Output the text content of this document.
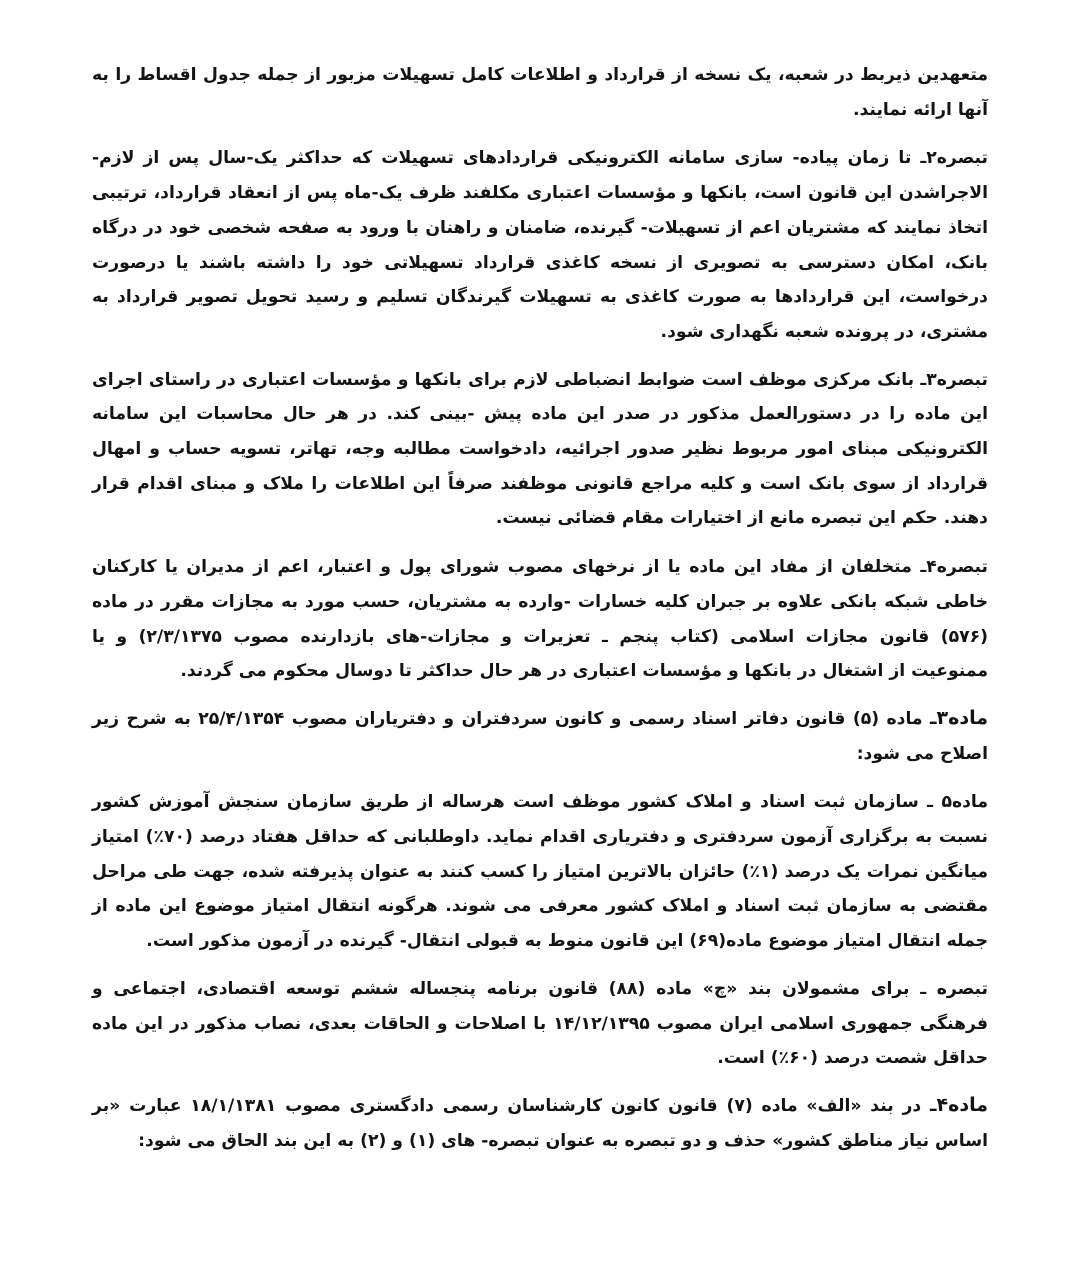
متعهدین ذیربط در شعبه، یک نسخه از قرارداد و اطلاعات کامل تسهیلات مزبور از جمله جدول اقساط را به آنها ارائه نمایند.

تبصره۲ـ تا زمان پیاده- سازی سامانه الکترونیکی قراردادهای تسهیلات که حداکثر یک-سال پس از لازم-الاجراشدن این قانون است، بانکها و مؤسسات اعتباری مکلفند ظرف یک-ماه پس از انعقاد قرارداد، ترتیبی اتخاذ نمایند که مشتریان اعم از تسهیلات- گیرنده، ضامنان و راهنان با ورود به صفحه شخصی خود در درگاه بانک، امکان دسترسی به تصویری از نسخه کاغذی قرارداد تسهیلاتی خود را داشته باشند یا درصورت درخواست، این قراردادها به صورت کاغذی به تسهیلات گیرندگان تسلیم و رسید تحویل تصویر قرارداد به مشتری، در پرونده شعبه نگهداری شود.

تبصره۳ـ بانک مرکزی موظف است ضوابط انضباطی لازم برای بانکها و مؤسسات اعتباری در راستای اجرای این ماده را در دستورالعمل مذکور در صدر این ماده پیش -بینی کند. در هر حال محاسبات این سامانه الکترونیکی مبنای امور مربوط نظیر صدور اجرائیه، دادخواست مطالبه وجه، تهاتر، تسویه حساب و امهال قرارداد از سوی بانک است و کلیه مراجع قانونی موظفند صرفاً این اطلاعات را ملاک و مبنای اقدام قرار دهند. حکم این تبصره مانع از اختیارات مقام قضائی نیست.

تبصره۴ـ متخلفان از مفاد این ماده یا از نرخهای مصوب شورای پول و اعتبار، اعم از مدیران یا کارکنان خاطی شبکه بانکی علاوه بر جبران کلیه خسارات -وارده به مشتریان، حسب مورد به مجازات مقرر در ماده (۵۷۶) قانون مجازات اسلامی (کتاب پنجم ـ تعزیرات و مجازات-های بازدارنده مصوب ۲/۳/۱۳۷۵) و یا ممنوعیت از اشتغال در بانکها و مؤسسات اعتباری در هر حال حداکثر تا دوسال محکوم می گردند.

ماده۳ـ ماده (۵) قانون دفاتر اسناد رسمی و کانون سردفتران و دفتریاران مصوب ۲۵/۴/۱۳۵۴ به شرح زیر اصلاح می شود:

ماده۵ ـ سازمان ثبت اسناد و املاک کشور موظف است هرساله از طریق سازمان سنجش آموزش کشور نسبت به برگزاری آزمون سردفتری و دفتریاری اقدام نماید. داوطلبانی که حداقل هفتاد درصد (۷۰٪) امتیاز میانگین نمرات یک درصد (۱٪) حائزان بالاترین امتیاز را کسب کنند به عنوان پذیرفته شده، جهت طی مراحل مقتضی به سازمان ثبت اسناد و املاک کشور معرفی می شوند. هرگونه انتقال امتیاز موضوع این ماده از جمله انتقال امتیاز موضوع ماده(۶۹) این قانون منوط به قبولی انتقال- گیرنده در آزمون مذکور است.

تبصره ـ برای مشمولان بند «چ» ماده (۸۸) قانون برنامه پنجساله ششم توسعه اقتصادی، اجتماعی و فرهنگی جمهوری اسلامی ایران مصوب ۱۴/۱۲/۱۳۹۵ با اصلاحات و الحاقات بعدی، نصاب مذکور در این ماده حداقل شصت درصد (۶۰٪) است.

ماده۴ـ در بند «الف» ماده (۷) قانون کانون کارشناسان رسمی دادگستری مصوب ۱۸/۱/۱۳۸۱ عبارت «بر اساس نیاز مناطق کشور» حذف و دو تبصره به عنوان تبصره- های (۱) و (۲) به این بند الحاق می شود:
